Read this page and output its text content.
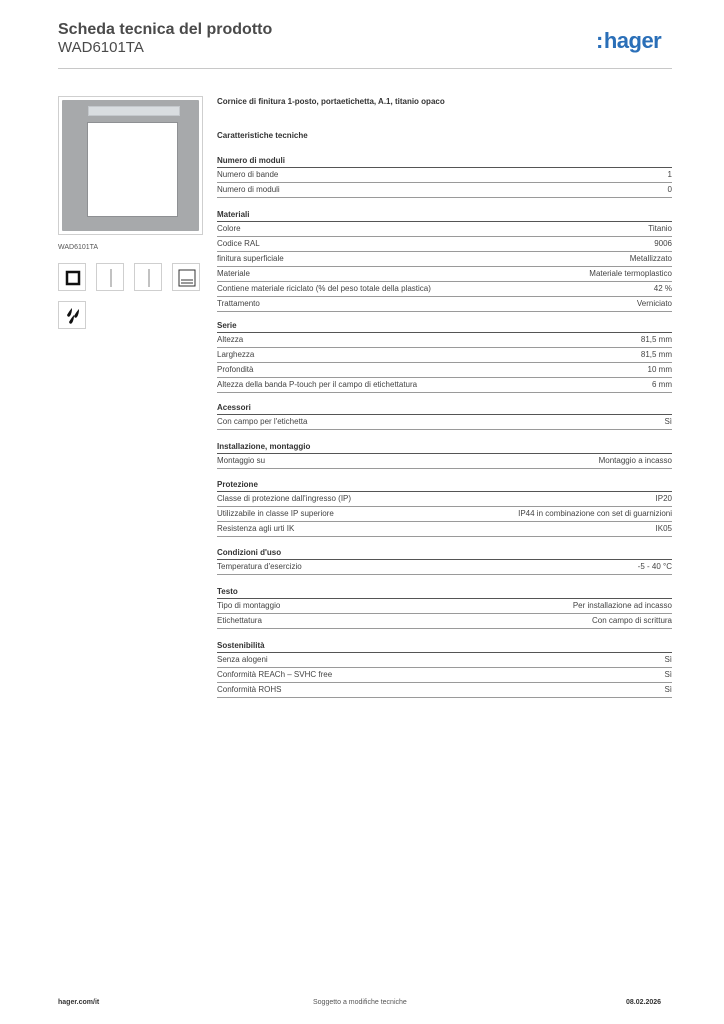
Scheda tecnica del prodotto
WAD6101TA	:hager
WAD6101TA
Cornice di finitura 1-posto, portaetichetta, A.1, titanio opaco
Caratteristiche tecniche
Numero di moduli
Numero di bande	1
Numero di moduli	0
Materiali
Colore	Titanio
Codice RAL	9006
finitura superficiale	Metallizzato
Materiale	Materiale termoplastico
Contiene materiale riciclato (% del peso totale della plastica)	42 %
Trattamento	Verniciato
Serie
Altezza	81,5 mm
Larghezza	81,5 mm
Profondità	10 mm
Altezza della banda P-touch per il campo di etichettatura	6 mm
Acessori
Con campo per l'etichetta	Sì
Installazione, montaggio
Montaggio su	Montaggio a incasso
Protezione
Classe di protezione dall'ingresso (IP)	IP20
Utilizzabile in classe IP superiore	IP44 in combinazione con set di guarnizioni
Resistenza agli urti IK	IK05
Condizioni d'uso
Temperatura d'esercizio	-5 - 40 °C
Testo
Tipo di montaggio	Per installazione ad incasso
Etichettatura	Con campo di scrittura
Sostenibilità
Senza alogeni	Sì
Conformità REACh – SVHC free	Sì
Conformità ROHS	Sì
hager.com/it	Soggetto a modifiche tecniche	08.02.2026
